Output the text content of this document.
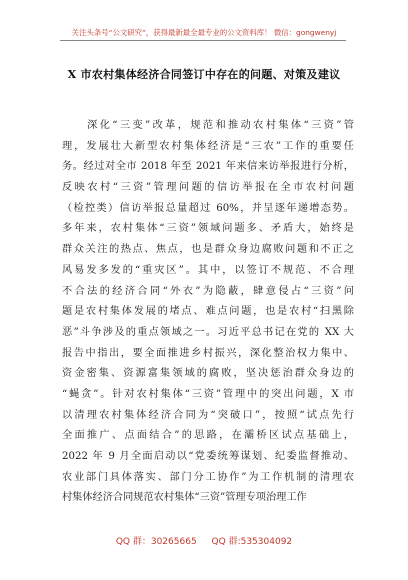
关注头条号“公文研究”，获得最新最全最专业的公文资料库！ 微信：gongwenyj
X 市农村集体经济合同签订中存在的问题、对策及建议
　　深化“三变”改革，规范和推动农村集体“三资”管
理，发展壮大新型农村集体经济是“三农”工作的重要任
务。经过对全市 2018 年至 2021 年来信来访举报进行分析，
反映农村“三资”管理问题的信访举报在全市农村问题
（检控类）信访举报总量超过 60%，并呈逐年递增态势。
多年来，农村集体“三资”领域问题多、矛盾大，始终是
群众关注的热点、焦点，也是群众身边腐败问题和不正之
风易发多发的“重灾区”。其中，以签订不规范、不合理
不合法的经济合同“外衣”为隐蔽，肆意侵占“三资”问
题是农村集体发展的堵点、难点问题，也是农村“扫黑除
恶”斗争涉及的重点领域之一。习近平总书记在党的 XX 大
报告中指出，要全面推进乡村振兴，深化整治权力集中、
资金密集、资源富集领域的腐败，坚决惩治群众身边的
“蝇贪”。针对农村集体“三资”管理中的突出问题，X 市
以清理农村集体经济合同为“突破口”，按照“试点先行
全面推广、点面结合”的思路，在灞桥区试点基础上，
2022 年 9 月全面启动以“党委统筹谋划、纪委监督推动、
农业部门具体落实、部门分工协作”为工作机制的清理农
村集体经济合同规范农村集体“三资”管理专项治理工作
QQ 群：30265665 QQ 群:535304092
